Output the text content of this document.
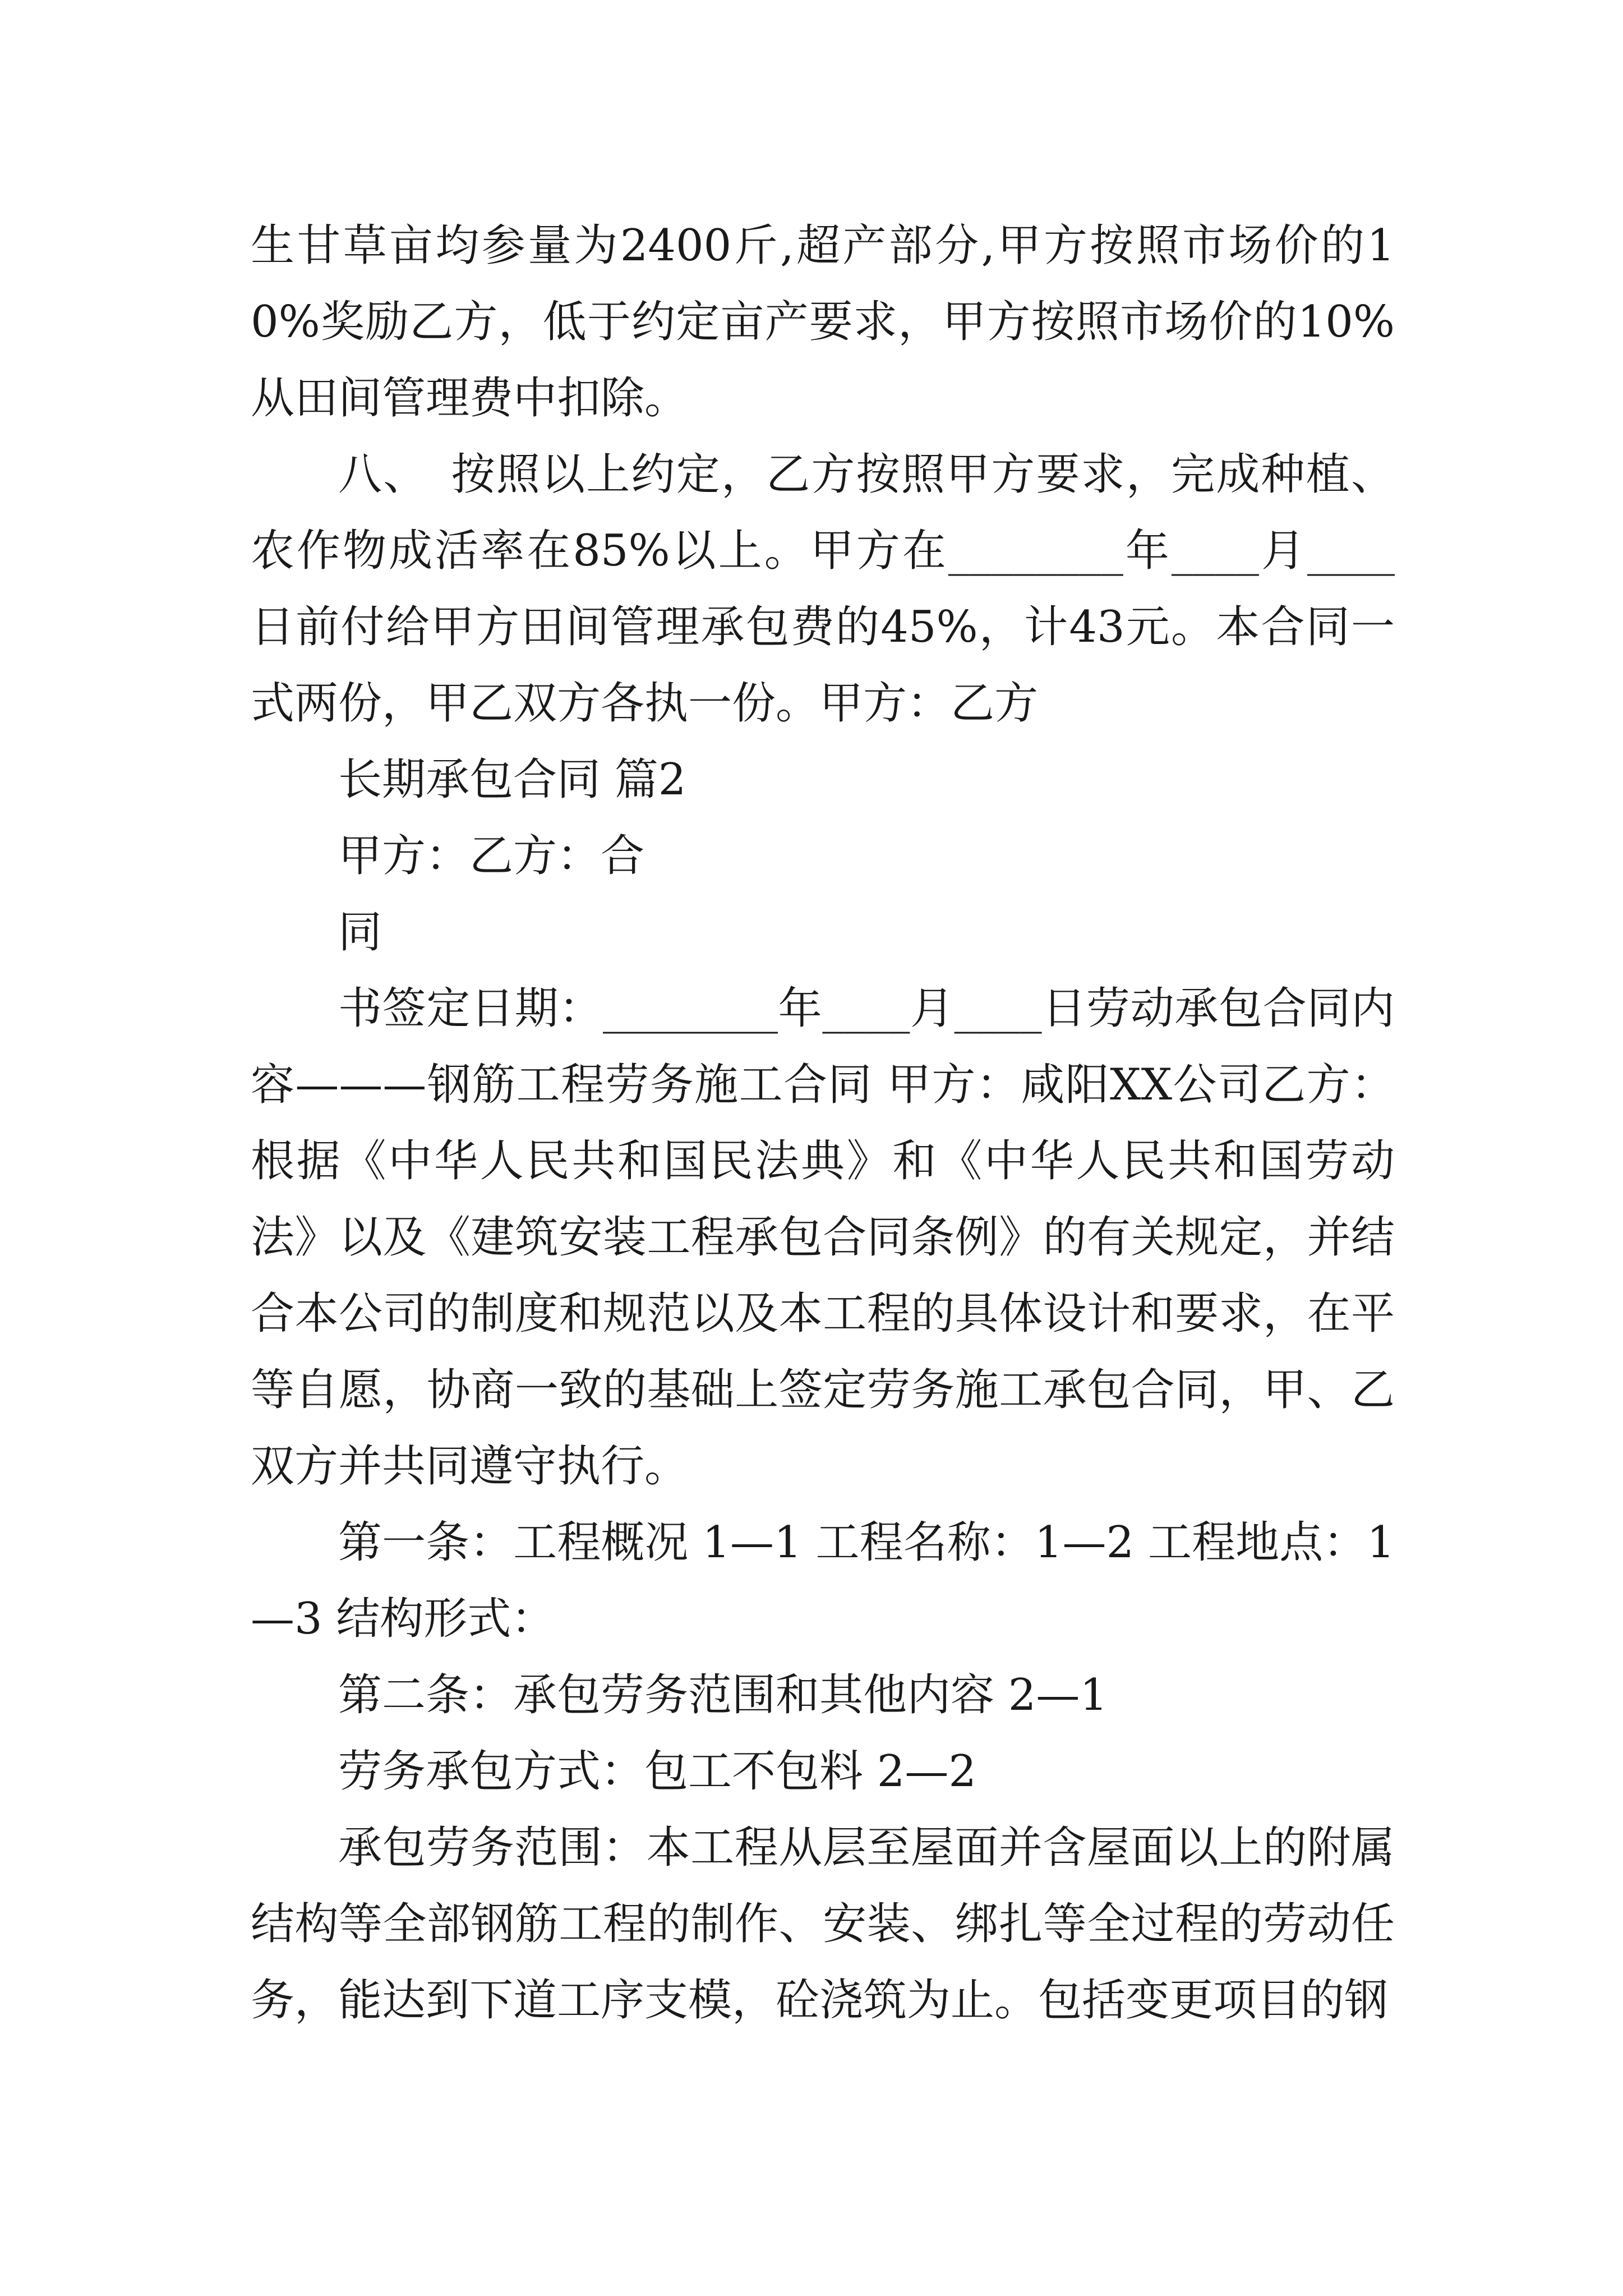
生甘草亩均参量为2400斤,超产部分,甲方按照市场价的10%奖励乙方，低于约定亩产要求，甲方按照市场价的10%从田间管理费中扣除。

八、　按照以上约定，乙方按照甲方要求，完成种植、农作物成活率在85%以上。甲方在________年____月____日前付给甲方田间管理承包费的45%，计43元。本合同一式两份，甲乙双方各执一份。甲方：乙方

长期承包合同 篇2

甲方：乙方：合

同

书签定日期：________年____月____日劳动承包合同内容———钢筋工程劳务施工合同 甲方：咸阳XX公司乙方：根据《中华人民共和国民法典》和《中华人民共和国劳动法》以及《建筑安装工程承包合同条例》的有关规定，并结合本公司的制度和规范以及本工程的具体设计和要求，在平等自愿，协商一致的基础上签定劳务施工承包合同，甲、乙双方并共同遵守执行。

第一条：工程概况 1—1 工程名称：1—2 工程地点：1—3 结构形式：

第二条：承包劳务范围和其他内容 2—1

劳务承包方式：包工不包料 2—2

承包劳务范围：本工程从层至屋面并含屋面以上的附属结构等全部钢筋工程的制作、安装、绑扎等全过程的劳动任务，能达到下道工序支模，砼浇筑为止。包括变更项目的钢
